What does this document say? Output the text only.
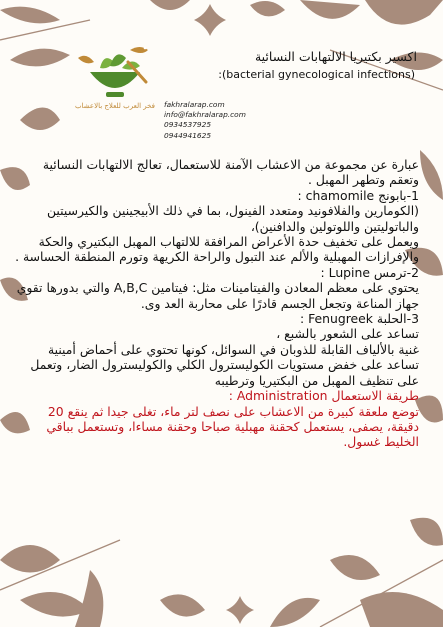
فخر العرب للعلاج بالاعشاب
اكسير بكتيريا الالتهابات النسائية
:(bacterial gynecological infections)
fakhralarap.com
info@fakhralarap.com
0934537925
0944941625

عبارة عن مجموعة من الاعشاب الآمنة للاستعمال، تعالج الالتهابات النسائية وتعقم وتطهر المهبل .

1-بابونج chamomile :

(الكومارين والفلافونيد ومتعدد الفينول، بما في ذلك الأبيجينين والكيرسيتين والباتوليتين واللوتولين والدافنين)،

ويعمل على تخفيف حدة الأعراض المرافقة للالتهاب المهبل البكتيري والحكة والإفرازات المهبلية والألم عند التبول والراحة الكريهة وتورم المنطقة الحساسة .

2-ترمس Lupine :

يحتوي على معظم المعادن والفيتامينات مثل: فيتامين A,B,C والتي بدورها تقوي جهاز المناعة وتجعل الجسم قادرًا على محاربة العد وى.

3-الحلبة Fenugreek :

تساعد على الشعور بالشبع ،

غنية بالألياف القابلة للذوبان في السوائل، كونها تحتوي على أحماض أمينية

تساعد على خفض مستويات الكوليسترول الكلي والكوليسترول الضار، وتعمل على تنظيف المهبل من البكتيريا وترطيبه

طريقة الاستعمال Administration :

توضع ملعقة كبيرة من الاعشاب على نصف لتر ماء، تغلى جيدا ثم ينقع 20 دقيقة، يصفى، يستعمل كحقنة مهبلية صباحا وحقنة مساءا، وتستعمل بباقي الخليط غسول.
